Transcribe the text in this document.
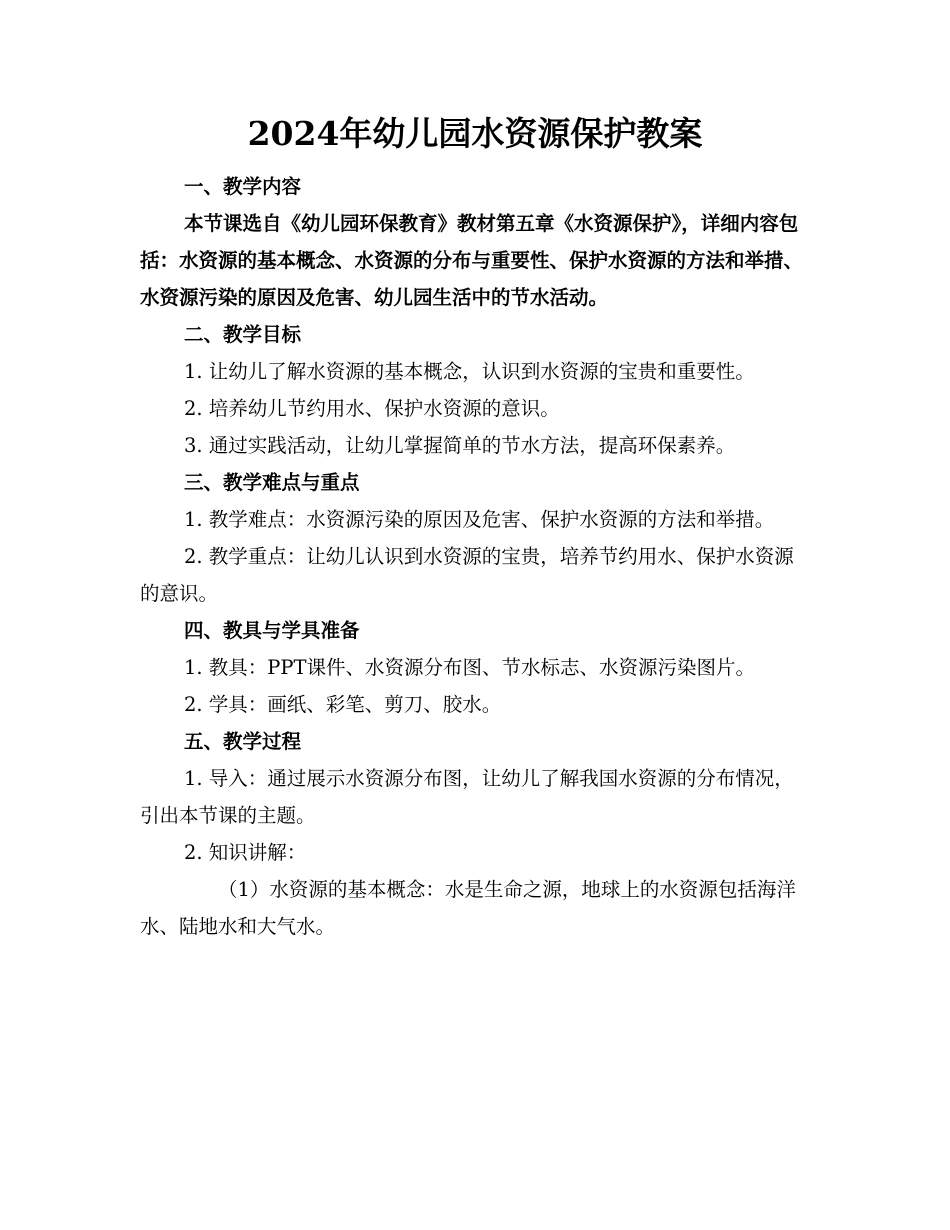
2024年幼儿园水资源保护教案

一、教学内容

本节课选自《幼儿园环保教育》教材第五章《水资源保护》，详细内容包括：水资源的基本概念、水资源的分布与重要性、保护水资源的方法和举措、水资源污染的原因及危害、幼儿园生活中的节水活动。

二、教学目标

1. 让幼儿了解水资源的基本概念，认识到水资源的宝贵和重要性。

2. 培养幼儿节约用水、保护水资源的意识。

3. 通过实践活动，让幼儿掌握简单的节水方法，提高环保素养。

三、教学难点与重点

1. 教学难点：水资源污染的原因及危害、保护水资源的方法和举措。

2. 教学重点：让幼儿认识到水资源的宝贵，培养节约用水、保护水资源的意识。

四、教具与学具准备

1. 教具：PPT课件、水资源分布图、节水标志、水资源污染图片。

2. 学具：画纸、彩笔、剪刀、胶水。

五、教学过程

1. 导入：通过展示水资源分布图，让幼儿了解我国水资源的分布情况，引出本节课的主题。

2. 知识讲解：

（1）水资源的基本概念：水是生命之源，地球上的水资源包括海洋水、陆地水和大气水。
